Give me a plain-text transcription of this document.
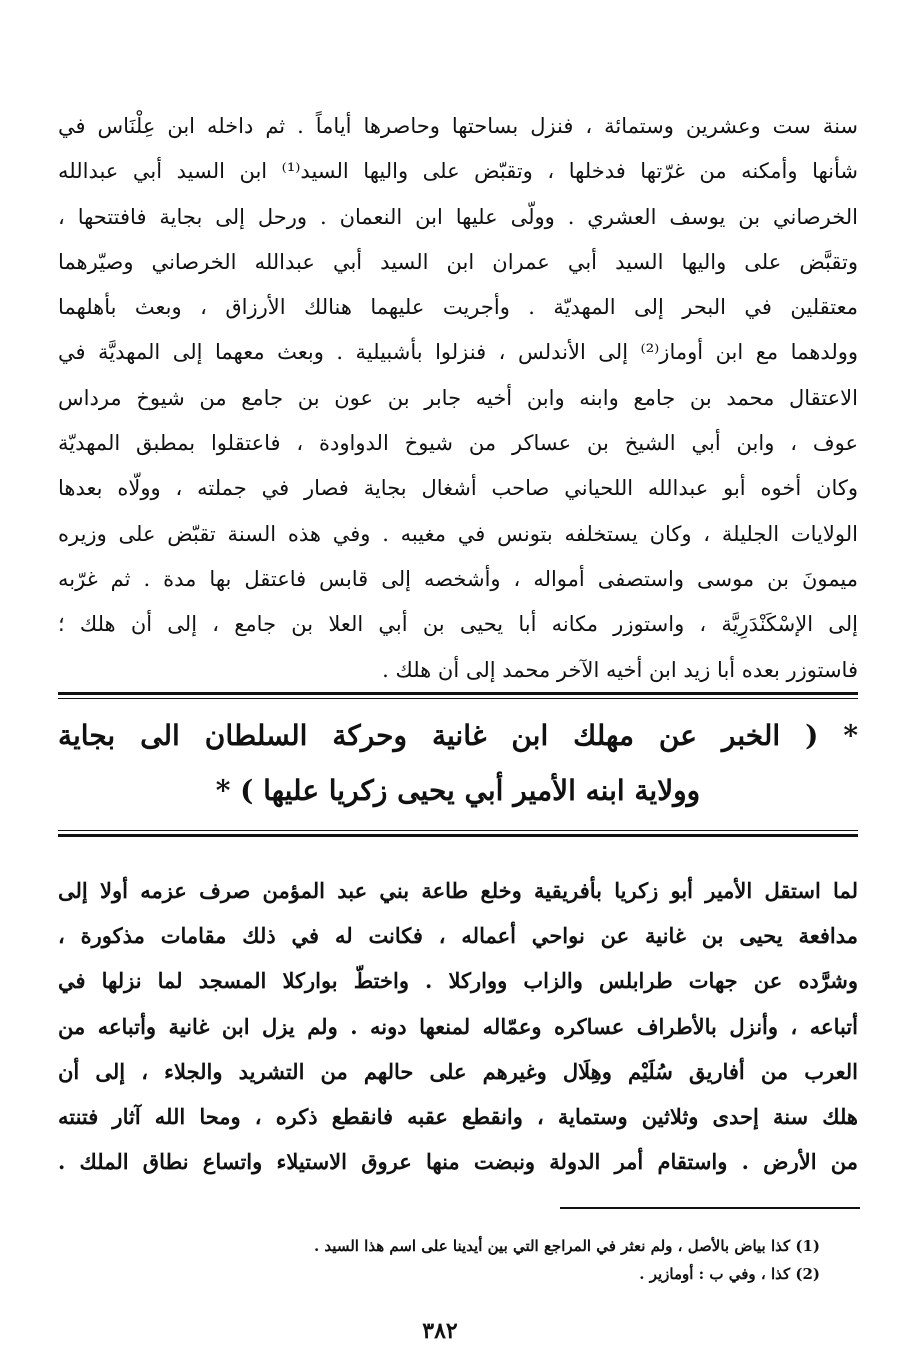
سنة ست وعشرين وستمائة ، فنزل بساحتها وحاصرها أياماً . ثم داخله ابن عِلْنَاس في
شأنها وأمكنه من غرّتها فدخلها ، وتقبّض على واليها السيد⁽¹⁾ ابن السيد أبي عبدالله
الخرصاني بن يوسف العشري . وولّى عليها ابن النعمان . ورحل إلى بجاية فافتتحها ،
وتقبَّض على واليها السيد أبي عمران ابن السيد أبي عبدالله الخرصاني وصيّرهما
معتقلين في البحر إلى المهديّة . وأجريت عليهما هنالك الأرزاق ، وبعث بأهلهما
وولدهما مع ابن أوماز⁽²⁾ إلى الأندلس ، فنزلوا بأشبيلية . وبعث معهما إلى المهديَّة في
الاعتقال محمد بن جامع وابنه وابن أخيه جابر بن عون بن جامع من شيوخ مرداس
عوف ، وابن أبي الشيخ بن عساكر من شيوخ الدواودة ، فاعتقلوا بمطبق المهديّة
وكان أخوه أبو عبدالله اللحياني صاحب أشغال بجاية فصار في جملته ، وولّاه بعدها
الولايات الجليلة ، وكان يستخلفه بتونس في مغيبه . وفي هذه السنة تقبّض على وزيره
ميمونَ بن موسى واستصفى أمواله ، وأشخصه إلى قابس فاعتقل بها مدة . ثم غرّبه
إلى الإسْكَنْدَرِيَّة ، واستوزر مكانه أبا يحيى بن أبي العلا بن جامع ، إلى أن هلك ؛
فاستوزر بعده أبا زيد ابن أخيه الآخر محمد إلى أن هلك .
* ( الخبر عن مهلك ابن غانية وحركة السلطان الى بجاية
وولاية ابنه الأمير أبي يحيى زكريا عليها ) *
لما استقل الأمير أبو زكريا بأفريقية وخلع طاعة بني عبد المؤمن صرف عزمه أولا إلى
مدافعة يحيى بن غانية عن نواحي أعماله ، فكانت له في ذلك مقامات مذكورة ،
وشرَّده عن جهات طرابلس والزاب وواركلا . واختطّ بواركلا المسجد لما نزلها في
أتباعه ، وأنزل بالأطراف عساكره وعمّاله لمنعها دونه . ولم يزل ابن غانية وأتباعه من
العرب من أفاريق سُلَيْم وهِلَال وغيرهم على حالهم من التشريد والجلاء ، إلى أن
هلك سنة إحدى وثلاثين وستماية ، وانقطع عقبه فانقطع ذكره ، ومحا الله آثار فتنته
من الأرض . واستقام أمر الدولة ونبضت منها عروق الاستيلاء واتساع نطاق الملك .
(1) كذا بياض بالأصل ، ولم نعثر في المراجع التي بين أيدينا على اسم هذا السيد .
(2) كذا ، وفي ب : أومازير .
٣٨٢
